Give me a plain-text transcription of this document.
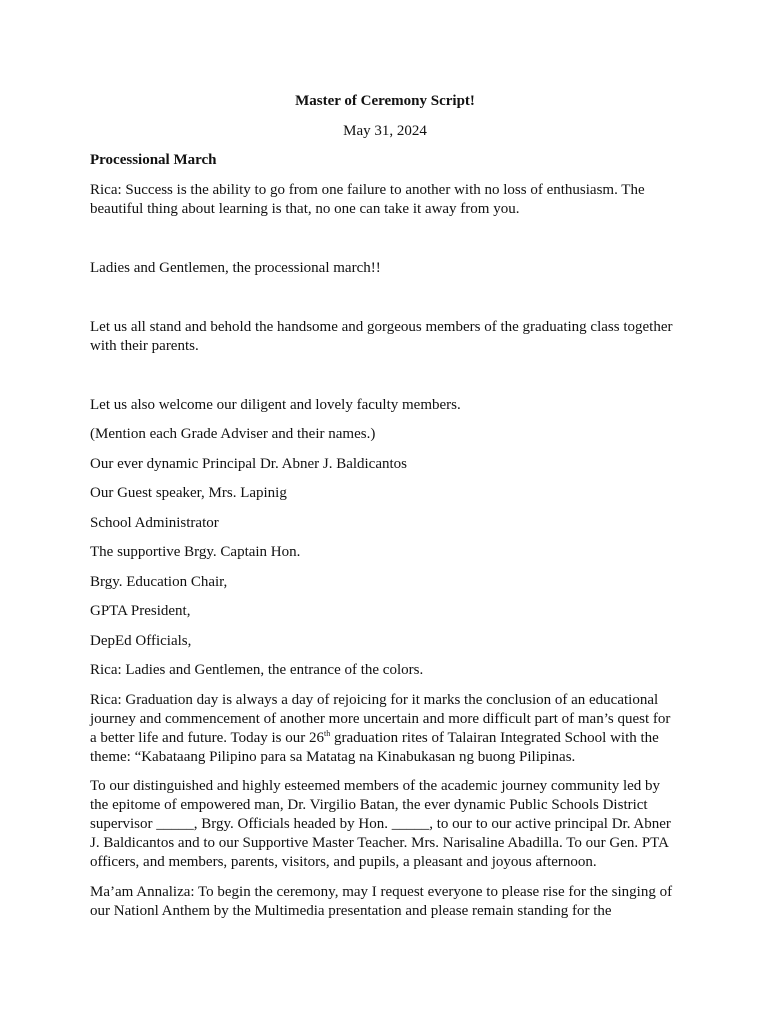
Master of Ceremony Script!

May 31, 2024

Processional March

Rica: Success is the ability to go from one failure to another with no loss of enthusiasm. The beautiful thing about learning is that, no one can take it away from you.

Ladies and Gentlemen, the processional march!!

Let us all stand and behold the handsome and gorgeous members of the graduating class together with their parents.

Let us also welcome our diligent and lovely faculty members.

(Mention each Grade Adviser and their names.)

Our ever dynamic Principal Dr. Abner J. Baldicantos

Our Guest speaker, Mrs. Lapinig

School Administrator

The supportive Brgy. Captain Hon.

Brgy. Education Chair,

GPTA President,

DepEd Officials,

Rica: Ladies and Gentlemen, the entrance of the colors.

Rica: Graduation day is always a day of rejoicing for it marks the conclusion of an educational journey and commencement of another more uncertain and more difficult part of man’s quest for a better life and future. Today is our 26th graduation rites of Talairan Integrated School with the theme: “Kabataang Pilipino para sa Matatag na Kinabukasan ng buong Pilipinas.

To our distinguished and highly esteemed members of the academic journey community led by the epitome of empowered man, Dr. Virgilio Batan, the ever dynamic Public Schools District supervisor _____, Brgy. Officials headed by Hon. _____, to our to our active principal Dr. Abner J. Baldicantos and to our Supportive Master Teacher. Mrs. Narisaline Abadilla. To our Gen. PTA officers, and members, parents, visitors, and pupils, a pleasant and joyous afternoon.

Ma’am Annaliza: To begin the ceremony, may I request everyone to please rise for the singing of our Nationl Anthem by the Multimedia presentation and please remain standing for the
